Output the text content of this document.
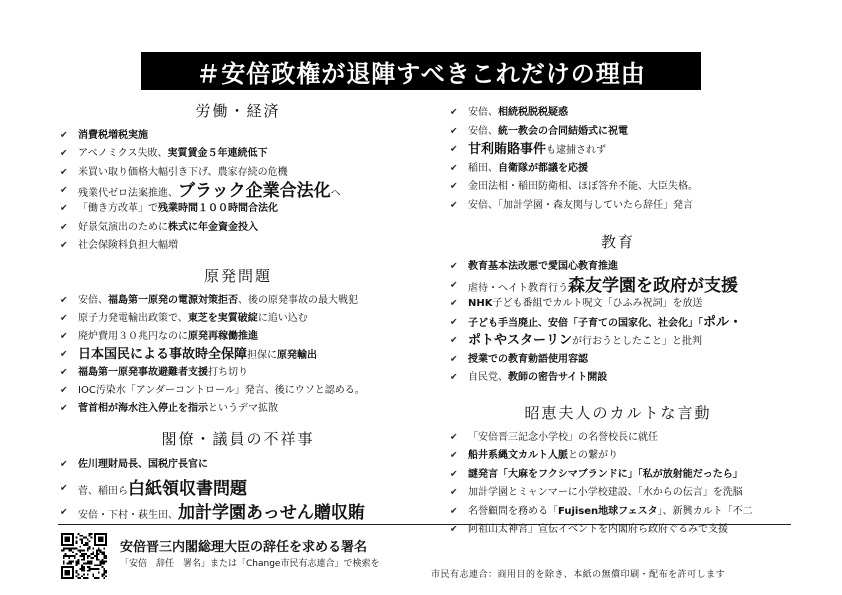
＃安倍政権が退陣すべきこれだけの理由
労働・経済
✔ 消費税増税実施
✔ アベノミクス失敗、実質賃金５年連続低下
✔ 米買い取り価格大幅引き下げ、農家存続の危機
✔ 残業代ゼロ法案推進、ブラック企業合法化へ
✔ 「働き方改革」で残業時間１００時間合法化
✔ 好景気演出のために株式に年金資金投入
✔ 社会保険料負担大幅増
原発問題
✔ 安倍、福島第一原発の電源対策拒否、後の原発事故の最大戦犯
✔ 原子力発電輸出政策で、東芝を実質破綻に追い込む
✔ 廃炉費用３０兆円なのに原発再稼働推進
✔ 日本国民による事故時全保障担保に原発輸出
✔ 福島第一原発事故避難者支援打ち切り
✔ IOC汚染水「アンダーコントロール」発言、後にウソと認める。
✔ 菅首相が海水注入停止を指示というデマ拡散
閣僚・議員の不祥事
✔ 佐川理財局長、国税庁長官に
✔ 菅、稲田ら白紙領収書問題
✔ 安倍・下村・萩生田、加計学園あっせん贈収賄
✔ 安倍、相続税脱税疑惑
✔ 安倍、統一教会の合同結婚式に祝電
✔ 甘利賄賂事件も逮捕されず
✔ 稲田、自衛隊が都議を応援
✔ 金田法相・稲田防衛相、ほぼ答弁不能、大臣失格。
✔ 安倍、「加計学園・森友関与していたら辞任」発言
教育
✔ 教育基本法改悪で愛国心教育推進
✔ 虐待・ヘイト教育行う森友学園を政府が支援
✔ NHK子ども番組でカルト呪文「ひふみ祝詞」を放送
✔ 子ども手当廃止、安倍「子育ての国家化、社会化」「ポル・
✔ ポトやスターリンが行おうとしたこと」と批判
✔ 授業での教育勅語使用容認
✔ 自民党、教師の密告サイト開設
昭恵夫人のカルトな言動
✔ 「安倍晋三記念小学校」の名誉校長に就任
✔ 船井系縄文カルト人脈との繋がり
✔ 謎発言「大麻をフクシマブランドに」「私が放射能だったら」
✔ 加計学園とミャンマーに小学校建設、「水からの伝言」を洗脳
✔ 名誉顧問を務める「Fujisen地球フェスタ」、新興カルト「不二
✔ 阿祖山太神宮」宣伝イベントを内閣府ら政府ぐるみで支援
安倍晋三内閣総理大臣の辞任を求める署名
「安倍　辞任　署名」または「Change市民有志連合」で検索を
市民有志連合：商用目的を除き、本紙の無償印刷・配布を許可します
